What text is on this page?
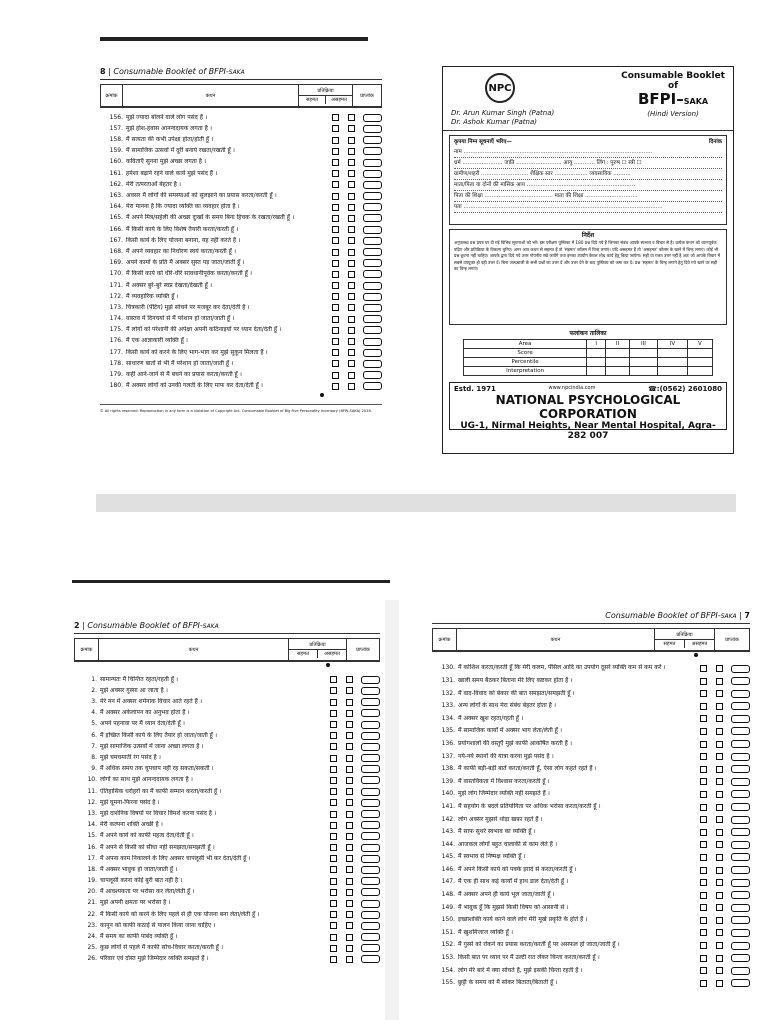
8 | Consumable Booklet of BFPI-SAKA
क्रमांक	कथन
प्रतिक्रिया
सहमत	असहमत
प्राप्तांक
156. मुझे ज्यादा बोलने वाले लोग पसंद हैं ।
157. मुझे होश-हवास आनन्ददायक लगता है ।
158. मैं सत्यता की कभी उपेक्षा होता/होती हूँ ।
159. मैं सामाजिक उत्सवों में दूरी बनाये रखता/रखती हूँ ।
160. कविताएँ सुनना मुझे अच्छा लगता है ।
161. हमेशा बढ़ाने रहने वाले कार्य मुझे पसंद हैं ।
162. मेरी तत्परताओं बेहतर है ।
163. अवसर मैं लोगों की समस्याओं को सुलझाने का प्रयास करता/करती हूँ ।
164. मेरा मानना है कि ज्यादा व्यक्ति का व्यवहार होता है ।
165. मैं अपने मित्र/सहेली की अच्छा दुःखों के समय बिना हिचक के रखता/रखती हूँ ।
166. मैं किसी कार्य के लिए विशेष तैयारी करता/करती हूँ ।
167. किसी कार्य के लिए योजना बनाना, यह नहीं करते हैं ।
168. मैं अपने व्यवहार का निर्धारण स्वयं करता/करती हूँ ।
169. अपने कामों के प्रति मैं अक्सर सुस्त पड़ जाता/जाती हूँ ।
170. मैं किसी कार्य को धीरे-धीरे सावधानीपूर्वक करता/करती हूँ ।
171. मैं अक्सर बुरे-बुरे स्वप्न देखता/देखती हूँ ।
172. मैं व्यवहारिक व्यक्ति हूँ ।
173. चित्रकारी (पेंटिंग) मुझे सोचने पर मजबूर कर देता/देती है ।
174. वास्तव में दिनचर्या से मैं परेशान हो जाता/जाती हूँ ।
175. मैं लोगों को परेशानी की अपेक्षा अपनी कठिनाइयों पर ध्यान देता/देती हूँ ।
176. मैं एक आज्ञाकारी व्यक्ति हूँ ।
177. किसी कार्य को करने के लिए भाग-भाग कर मुझे सुकून मिलता है ।
178. साधारण बातों से भी मैं परेशान हो जाता/जाती हूँ ।
179. कहीं आने-जाने से मैं बचने का प्रयास करता/करती हूँ ।
180. मैं अक्सर लोगों को उनकी गलती के लिए माफ कर देता/देती हूँ ।
© All rights reserved. Reproduction in any form is a violation of Copyright Act. Consumable Booklet of Big Five Personality Inventory (BFPI-SAKA) 2016.
NPC
Consumable Booklet
of
BFPI–SAKA
(Hindi Version)
Dr. Arun Kumar Singh (Patna)
Dr. Ashok Kumar (Patna)
कृपया निम्न सूचनाएँ भरिए—	दिनांक
नाम ............................................................................................................
धर्म ....................... जाति .......................... आयु ............ लिंग : पुरुष ☐ स्त्री ☐
ग्रामीण/शहरी ........................... शैक्षिक स्तर ................... व्यवसायिक ..........
माता/पिता या दोनों की मासिक आय ..............................................................
पिता की शिक्षा ....................................... माता की शिक्षा ..............................
पता ..................................................................................................................
निर्देश
अनुपलब्ध प्रश्न प्रपत्र पर दी गई विभिन्न सूचनाओं को भरें। इस परीक्षण पुस्तिका में 180 प्रश्न दिये गये हैं जिनका संबंध आपके स्वभाव व विचार से है। प्रत्येक कथन को ध्यानपूर्वक पढ़िए और प्रतिक्रिया के विकल्प चुनिए। अगर आप कथन से सहमत हैं तो 'सहमत' कॉलम में चिन्ह लगाएं। यदि असहमत हैं तो 'असहमत' कॉलम के खाने में चिन्ह लगाएं। कोई भी प्रश्न छूटना नहीं चाहिए। आपके द्वारा दिये गये उत्तर गोपनीय रखे जायेंगे तथा इनका उपयोग केवल शोध कार्य हेतु किया जायेगा। सही या गलत उत्तर नहीं है अतः जो आपके विचार में सबसे उपयुक्त हो वही उत्तर दें। बिना जल्दबाजी के सभी प्रश्नों का उत्तर दें और उत्तर देने के बाद पुस्तिका को जमा कर दें। प्रश्न 'सहमत' के चिन्ह लगाने हेतु दिये गये खाने पर सही का चिन्ह लगाएं।
फलांकन तालिका
Area	I	II	III	IV	V
Score					
Percentile					
Interpretation					
Estd. 1971	www.npcindia.com	☎:(0562) 2601080
NATIONAL PSYCHOLOGICAL CORPORATION
UG-1, Nirmal Heights, Near Mental Hospital, Agra-282 007
2 | Consumable Booklet of BFPI-SAKA
क्रमांक	कथन
प्रतिक्रिया
सहमत	असहमत
प्राप्तांक
1. सामान्यतः मैं चिन्तित रहता/रहती हूँ ।
2. मुझे अक्सर गुस्सा आ जाता है ।
3. मेरे मन में अक्सर शर्मनाक विचार आते रहते हैं ।
4. मैं अक्सर अकेलापन का अनुभव होता है ।
5. अपने पहनावा पर मैं ध्यान देता/देती हूँ ।
6. मैं इच्छित किसी कार्य के लिए तैयार हो जाता/जाती हूँ ।
7. मुझे सामाजिक उत्सवों में जाना अच्छा लगता है ।
8. मुझे चमचमाती रंग पसंद है ।
9. मैं अधिक समय तक चुपचाप नहीं रह सकता/सकती ।
10. लोगों का साथ मुझे आनन्ददायक लगता है ।
11. ऐतिहासिक धरोहरों का मैं काफी सम्मान करता/करती हूँ ।
12. मुझे घूमना-फिरना पसंद है ।
13. मुझे दार्शनिक विषयों पर विचार विमर्श करना पसंद है ।
14. मेरी कल्पना शक्ति अच्छी है ।
15. मैं अपने कार्य को काफी महत्व देता/देती हूँ ।
16. मैं अपने से किसी को सीधा नहीं समझता/समझती हूँ ।
17. मैं अपना काम निकालने के लिए अक्सर चापलूसी भी कर देता/देती हूँ ।
18. मैं अक्सर भावुक हो जाता/जाती हूँ ।
19. चापलूसी करना कोई बुरी बात नहीं है ।
20. मैं आवश्यकता पर भरोसा कर लेता/लेती हूँ ।
21. मुझे अपनी क्षमता पर भरोसा है ।
22. मैं किसी कार्य को करने के लिए पहले से ही एक योजना बना लेता/लेती हूँ ।
23. कानून को काफी कठाई से पालन किया जाना चाहिए ।
24. मैं समय का काफी पाबंद व्यक्ति हूँ ।
25. कुछ लोगों से पहले मैं काफी सोच-विचार करता/करती हूँ ।
26. परिवार एवं दोस्त मुझे जिम्मेदार व्यक्ति समझते हैं ।
Consumable Booklet of BFPI-SAKA | 7
क्रमांक	कथन
प्रतिक्रिया
सहमत	असहमत
प्राप्तांक
130. मैं कोशिश करता/करती हूँ कि मेरी कलम, पेंसिल आदि का उपयोग दूसरे व्यक्ति कम से कम करें ।
131. खाली समय बैठकर बिताना मेरे लिए कष्टकर होता है ।
132. मैं वाद-विवाद को बेकार की बात समझता/समझती हूँ ।
133. अन्य लोगों के साथ मेरा संबंध बेहतर होता है ।
134. मैं अक्सर खुश रहता/रहती हूँ ।
135. मैं सामाजिक कार्यों में अक्सर भाग लेता/लेती हूँ ।
136. प्रयोगशालों की वस्तुएँ मुझे काफी आकर्षित करती हैं ।
137. नये-नये स्थानों की यात्रा करना मुझे पसंद है ।
138. मैं काफी बड़ी-बड़ी बातें करता/करती हूँ, ऐसा लोग कहते रहते हैं ।
139. मैं वास्तविकता में विश्वास करता/करती हूँ ।
140. मुझे लोग जिम्मेदार व्यक्ति नहीं समझते हैं ।
141. मैं सहयोग के बदले प्रतियोगिता पर अधिक भरोसा करता/करती हूँ ।
142. लोग अक्सर मुझसे थोड़ा खफ़ा रहते हैं ।
143. मैं साफ सुथरे स्वभाव का व्यक्ति हूँ ।
144. आजकल लोगों बहुत चालाकी से काम लेते हैं ।
145. मैं स्वभाव से निष्पक्ष व्यक्ति हूँ ।
146. मैं अपने किसी कार्य को पक्के इरादे से करता/करती हूँ ।
147. मैं एक ही साथ कई कार्यों में हाथ डाल देता/देती हूँ ।
148. मैं अक्सर अपने ही कार्य भूल जाता/जाती हूँ ।
149. मैं भावुक हूँ कि मुझसे किसी विषय को आसानी से ।
150. इच्छाशक्ति कार्य करने वाले लोग मेरी मूर्ख प्रकृति के होते हैं ।
151. मैं खुशमिजाज व्यक्ति हूँ ।
152. मैं गुस्से को रोकने का प्रयास करता/करती हूँ पर असफल हो जाता/जाती हूँ ।
153. किसी बात पर ध्यान पर मैं उल्टी रात लेकर चिन्ता करता/करती हूँ ।
154. लोग मेरे बारे में क्या सोचते हैं, मुझे इसकी चिन्ता रहती है ।
155. छुट्टी के समय को मैं सोकर बिताता/बिताती हूँ ।
